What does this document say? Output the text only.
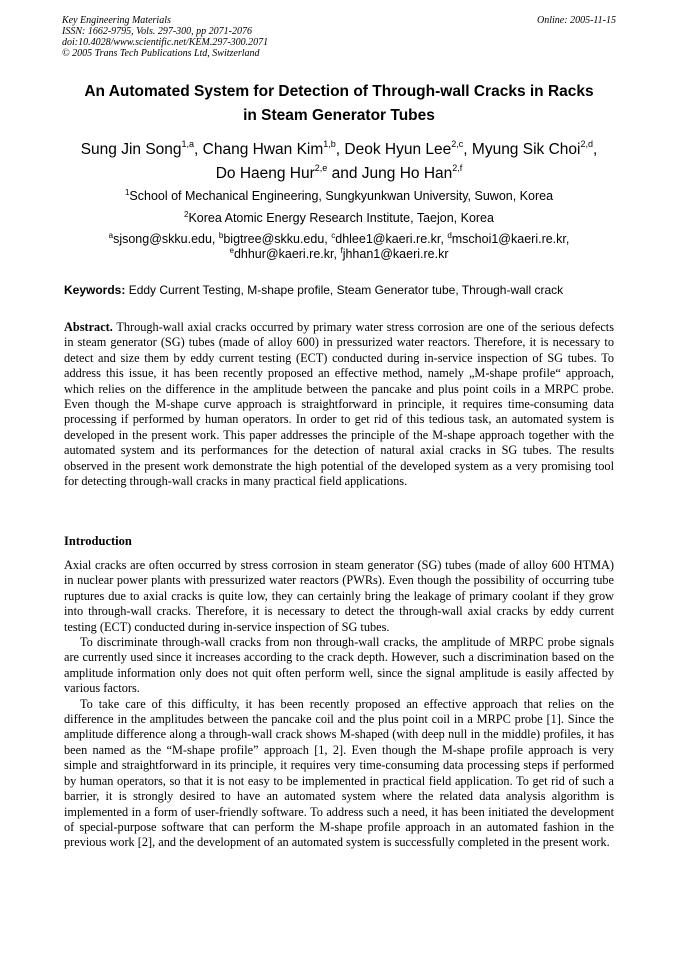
Key Engineering Materials
ISSN: 1662-9795, Vols. 297-300, pp 2071-2076
doi:10.4028/www.scientific.net/KEM.297-300.2071
© 2005 Trans Tech Publications Ltd, Switzerland
Online: 2005-11-15
An Automated System for Detection of Through-wall Cracks in Racks
in Steam Generator Tubes
Sung Jin Song$^{1,a}$, Chang Hwan Kim$^{1,b}$, Deok Hyun Lee$^{2,c}$, Myung Sik Choi$^{2,d}$,
Do Haeng Hur$^{2,e}$ and Jung Ho Han$^{2,f}$
$^1$School of Mechanical Engineering, Sungkyunkwan University, Suwon, Korea
$^2$Korea Atomic Energy Research Institute, Taejon, Korea
$^a$sjsong@skku.edu, $^b$bigtree@skku.edu, $^c$dhlee1@kaeri.re.kr, $^d$mschoi1@kaeri.re.kr,
$^e$dhhur@kaeri.re.kr, $^f$jhhan1@kaeri.re.kr
Keywords: Eddy Current Testing, M-shape profile, Steam Generator tube, Through-wall crack
Abstract. Through-wall axial cracks occurred by primary water stress corrosion are one of the serious defects in steam generator (SG) tubes (made of alloy 600) in pressurized water reactors. Therefore, it is necessary to detect and size them by eddy current testing (ECT) conducted during in-service inspection of SG tubes. To address this issue, it has been recently proposed an effective method, namely „M-shape profile“ approach, which relies on the difference in the amplitude between the pancake and plus point coils in a MRPC probe. Even though the M-shape curve approach is straightforward in principle, it requires time-consuming data processing if performed by human operators. In order to get rid of this tedious task, an automated system is developed in the present work. This paper addresses the principle of the M-shape approach together with the automated system and its performances for the detection of natural axial cracks in SG tubes. The results observed in the present work demonstrate the high potential of the developed system as a very promising tool for detecting through-wall cracks in many practical field applications.
Introduction

Axial cracks are often occurred by stress corrosion in steam generator (SG) tubes (made of alloy 600 HTMA) in nuclear power plants with pressurized water reactors (PWRs). Even though the possibility of occurring tube ruptures due to axial cracks is quite low, they can certainly bring the leakage of primary coolant if they grow into through-wall cracks. Therefore, it is necessary to detect the through-wall axial cracks by eddy current testing (ECT) conducted during in-service inspection of SG tubes.

To discriminate through-wall cracks from non through-wall cracks, the amplitude of MRPC probe signals are currently used since it increases according to the crack depth. However, such a discrimination based on the amplitude information only does not quit often perform well, since the signal amplitude is easily affected by various factors.

To take care of this difficulty, it has been recently proposed an effective approach that relies on the difference in the amplitudes between the pancake coil and the plus point coil in a MRPC probe [1]. Since the amplitude difference along a through-wall crack shows M-shaped (with deep null in the middle) profiles, it has been named as the “M-shape profile” approach [1, 2]. Even though the M-shape profile approach is very simple and straightforward in its principle, it requires very time-consuming data processing steps if performed by human operators, so that it is not easy to be implemented in practical field application. To get rid of such a barrier, it is strongly desired to have an automated system where the related data analysis algorithm is implemented in a form of user-friendly software. To address such a need, it has been initiated the development of special-purpose software that can perform the M-shape profile approach in an automated fashion in the previous work [2], and the development of an automated system is successfully completed in the present work.
